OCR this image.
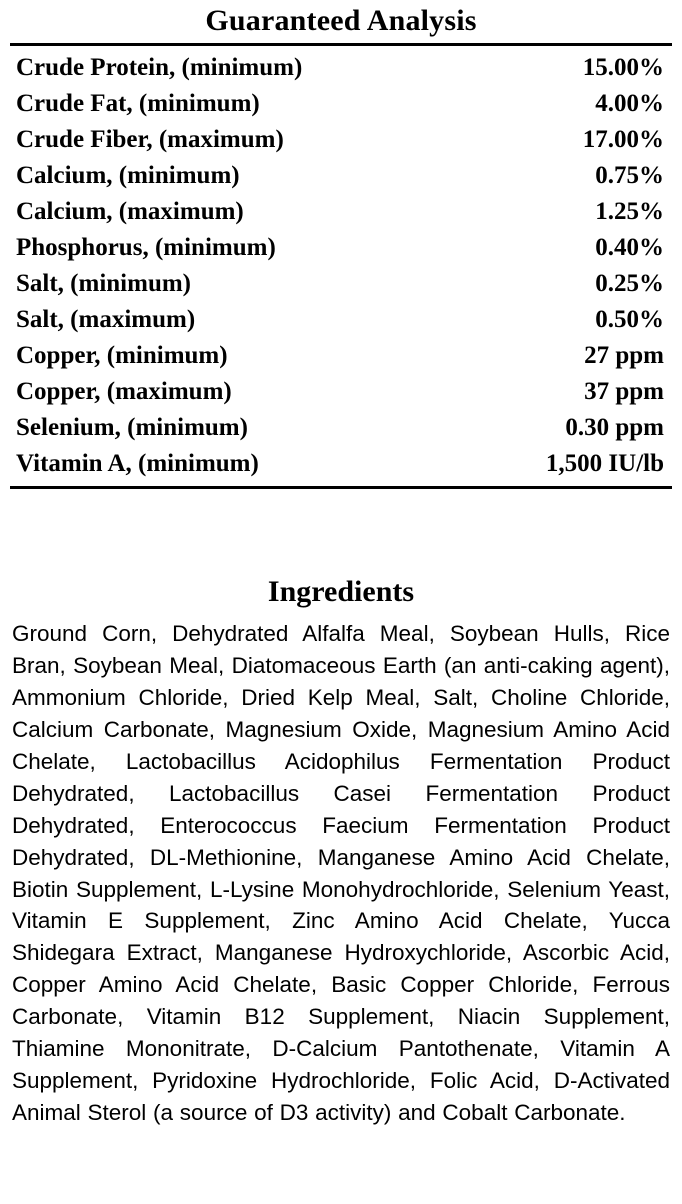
Guaranteed Analysis
Crude Protein, (minimum)	15.00%
Crude Fat, (minimum)	4.00%
Crude Fiber, (maximum)	17.00%
Calcium, (minimum)	0.75%
Calcium, (maximum)	1.25%
Phosphorus, (minimum)	0.40%
Salt, (minimum)	0.25%
Salt, (maximum)	0.50%
Copper, (minimum)	27 ppm
Copper, (maximum)	37 ppm
Selenium, (minimum)	0.30 ppm
Vitamin A, (minimum)	1,500 IU/lb
Ingredients
Ground Corn, Dehydrated Alfalfa Meal, Soybean Hulls, Rice Bran, Soybean Meal, Diatomaceous Earth (an anti-caking agent), Ammonium Chloride, Dried Kelp Meal, Salt, Choline Chloride, Calcium Carbonate, Magnesium Oxide, Magnesium Amino Acid Chelate, Lactobacillus Acidophilus Fermentation Product Dehydrated, Lactobacillus Casei Fermentation Product Dehydrated, Enterococcus Faecium Fermentation Product Dehydrated, DL-Methionine, Manganese Amino Acid Chelate, Biotin Supplement, L-Lysine Monohydrochloride, Selenium Yeast, Vitamin E Supplement, Zinc Amino Acid Chelate, Yucca Shidegara Extract, Manganese Hydroxychloride, Ascorbic Acid, Copper Amino Acid Chelate, Basic Copper Chloride, Ferrous Carbonate, Vitamin B12 Supplement, Niacin Supplement, Thiamine Mononitrate, D-Calcium Pantothenate, Vitamin A Supplement, Pyridoxine Hydrochloride, Folic Acid, D-Activated Animal Sterol (a source of D3 activity) and Cobalt Carbonate.
